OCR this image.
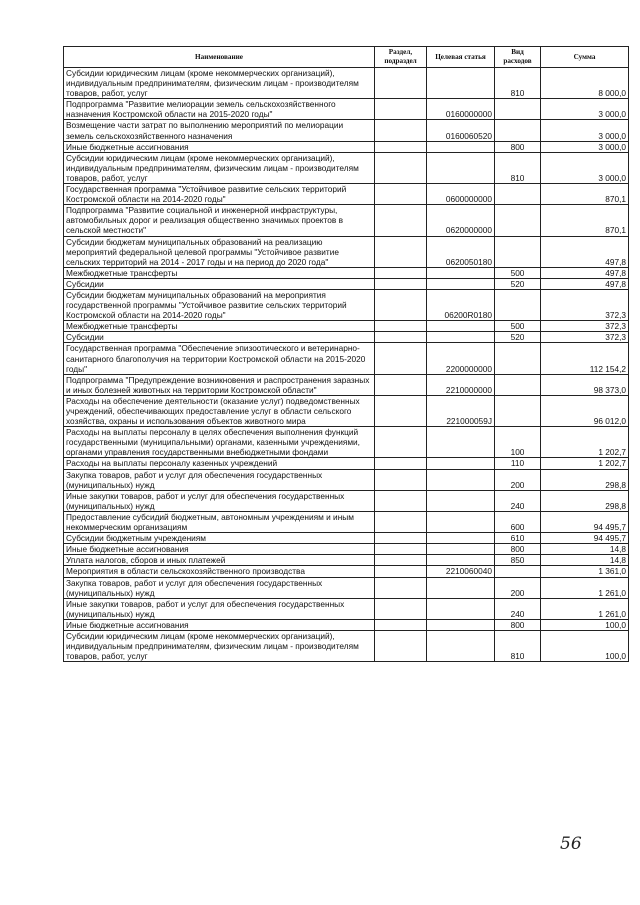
Наименование	Раздел, подраздел	Целевая статья	Вид расходов	Сумма
Субсидии юридическим лицам (кроме некоммерческих организаций), индивидуальным предпринимателям, физическим лицам - производителям товаров, работ, услуг			810	8 000,0
Подпрограмма "Развитие мелиорации земель сельскохозяйственного назначения Костромской области на 2015-2020 годы"		0160000000		3 000,0
Возмещение части затрат по выполнению мероприятий по мелиорации земель сельскохозяйственного назначения		0160060520		3 000,0
Иные бюджетные ассигнования			800	3 000,0
Субсидии юридическим лицам (кроме некоммерческих организаций), индивидуальным предпринимателям, физическим лицам - производителям товаров, работ, услуг			810	3 000,0
Государственная программа "Устойчивое развитие сельских территорий Костромской области на 2014-2020 годы"		0600000000		870,1
Подпрограмма "Развитие социальной и инженерной инфраструктуры, автомобильных дорог и реализация общественно значимых проектов в сельской местности"		0620000000		870,1
Субсидии бюджетам муниципальных образований на реализацию мероприятий федеральной целевой программы "Устойчивое развитие сельских территорий на 2014 - 2017 годы и на период до 2020 года"		0620050180		497,8
Межбюджетные трансферты			500	497,8
Субсидии			520	497,8
Субсидии бюджетам муниципальных образований на мероприятия государственной программы "Устойчивое развитие сельских территорий Костромской области на 2014-2020 годы"		06200R0180		372,3
Межбюджетные трансферты			500	372,3
Субсидии			520	372,3
Государственная программа "Обеспечение эпизоотического и ветеринарно-санитарного благополучия на территории Костромской области на 2015-2020 годы"		2200000000		112 154,2
Подпрограмма "Предупреждение возникновения и распространения заразных и иных болезней животных на территории Костромской области"		2210000000		98 373,0
Расходы на обеспечение деятельности (оказание услуг) подведомственных учреждений, обеспечивающих предоставление услуг в области сельского хозяйства, охраны и использования объектов животного мира		221000059J		96 012,0
Расходы на выплаты персоналу в целях обеспечения выполнения функций государственными (муниципальными) органами, казенными учреждениями, органами управления государственными внебюджетными фондами			100	1 202,7
Расходы на выплаты персоналу казенных учреждений			110	1 202,7
Закупка товаров, работ и услуг для обеспечения государственных (муниципальных) нужд			200	298,8
Иные закупки товаров, работ и услуг для обеспечения государственных (муниципальных) нужд			240	298,8
Предоставление субсидий бюджетным, автономным учреждениям и иным некоммерческим организациям			600	94 495,7
Субсидии бюджетным учреждениям			610	94 495,7
Иные бюджетные ассигнования			800	14,8
Уплата налогов, сборов и иных платежей			850	14,8
Мероприятия в области сельскохозяйственного производства		2210060040		1 361,0
Закупка товаров, работ и услуг для обеспечения государственных (муниципальных) нужд			200	1 261,0
Иные закупки товаров, работ и услуг для обеспечения государственных (муниципальных) нужд			240	1 261,0
Иные бюджетные ассигнования			800	100,0
Субсидии юридическим лицам (кроме некоммерческих организаций), индивидуальным предпринимателям, физическим лицам - производителям товаров, работ, услуг			810	100,0
56
